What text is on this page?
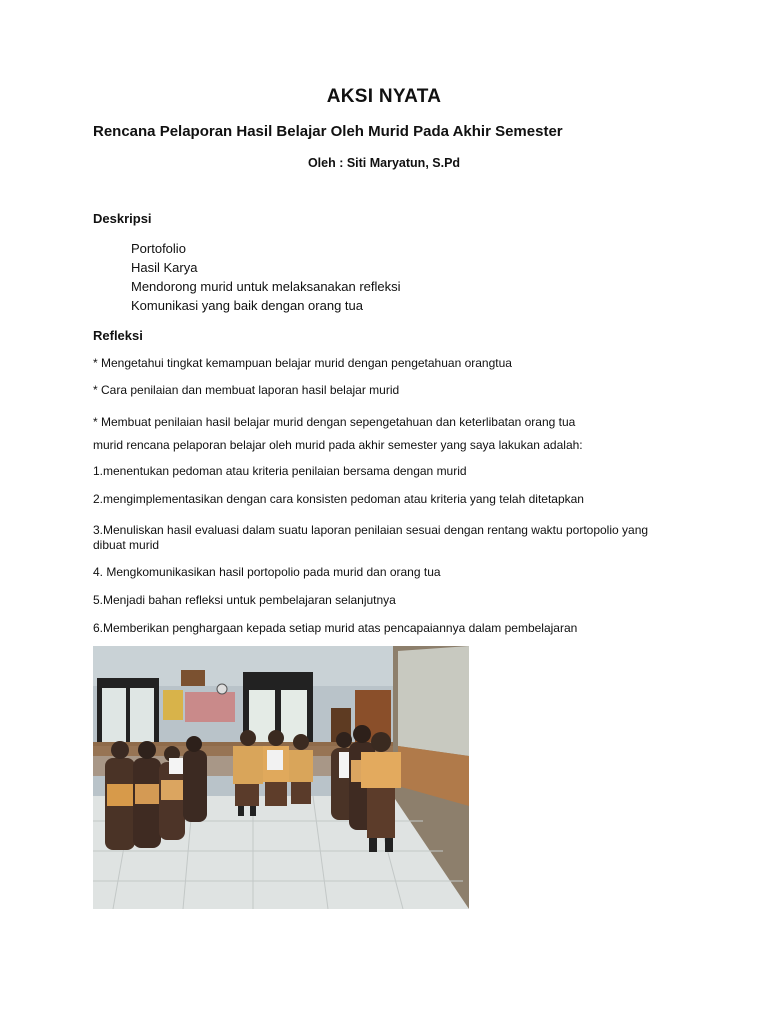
AKSI NYATA
Rencana Pelaporan Hasil Belajar Oleh Murid Pada Akhir Semester
Oleh : Siti Maryatun, S.Pd
Deskripsi
Portofolio
Hasil Karya
Mendorong murid untuk melaksanakan refleksi
Komunikasi yang baik dengan orang tua
Refleksi
* Mengetahui tingkat kemampuan belajar murid dengan pengetahuan orangtua
* Cara penilaian dan membuat laporan hasil belajar murid
* Membuat penilaian hasil belajar murid dengan sepengetahuan dan keterlibatan orang tua
murid rencana pelaporan belajar oleh murid pada akhir semester yang saya lakukan adalah:
1.menentukan pedoman atau kriteria penilaian bersama dengan murid
2.mengimplementasikan dengan cara konsisten pedoman atau kriteria yang telah ditetapkan
3.Menuliskan hasil evaluasi dalam suatu laporan penilaian sesuai dengan rentang waktu portopolio yang dibuat murid
4. Mengkomunikasikan hasil portopolio pada murid dan orang tua
5.Menjadi bahan refleksi untuk pembelajaran selanjutnya
6.Memberikan penghargaan kepada setiap murid atas pencapaiannya dalam pembelajaran
